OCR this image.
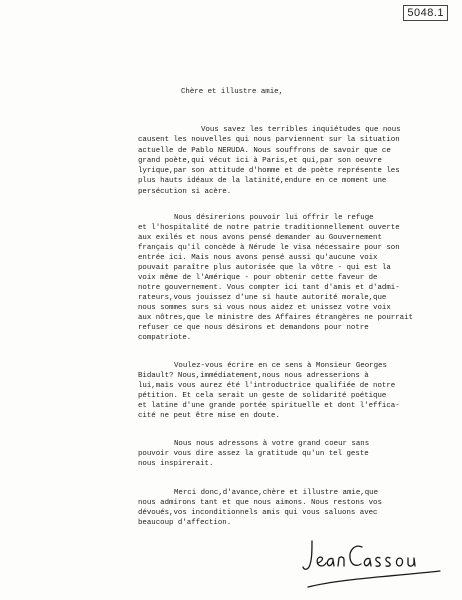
5048.1
Chère et illustre amie,
Vous savez les terribles inquiétudes que nous
causent les nouvelles qui nous parviennent sur la situation
actuelle de Pablo NERUDA. Nous souffrons de savoir que ce
grand poète,qui vécut ici à Paris,et qui,par son oeuvre
lyrique,par son attitude d'homme et de poète représente les
plus hauts idéaux de la latinité,endure en ce moment une
persécution si acère.
Nous désirerions pouvoir lui offrir le refuge
et l'hospitalité de notre patrie traditionnellement ouverte
aux exilés et nous avons pensé demander au Gouvernement
français qu'il concède à Nérude le visa nécessaire pour son
entrée ici. Mais nous avons pensé aussi qu'aucune voix
pouvait paraître plus autorisée que la vôtre - qui est la
voix même de l'Amérique - pour obtenir cette faveur de
notre gouvernement. Vous compter ici tant d'amis et d'admi-
rateurs,vous jouissez d'une si haute autorité morale,que
nous sommes surs si vous nous aidez et unissez votre voix
aux nôtres,que le ministre des Affaires étrangères ne pourrait
refuser ce que nous désirons et demandons pour notre
compatriote.
Voulez-vous écrire en ce sens à Monsieur Georges
Bidault? Nous,immédiatement,nous nous adresserions à
lui,mais vous aurez été l'introductrice qualifiée de notre
pétition. Et cela serait un geste de solidarité poétique
et latine d'une grande portée spirituelle et dont l'effica-
cité ne peut être mise en doute.
Nous nous adressons à votre grand coeur sans
pouvoir vous dire assez la gratitude qu'un tel geste
nous inspirerait.
Merci donc,d'avance,chère et illustre amie,que
nous admirons tant et que nous aimons. Nous restons vos
dévoués,vos inconditionnels amis qui vous saluons avec
beaucoup d'affection.
